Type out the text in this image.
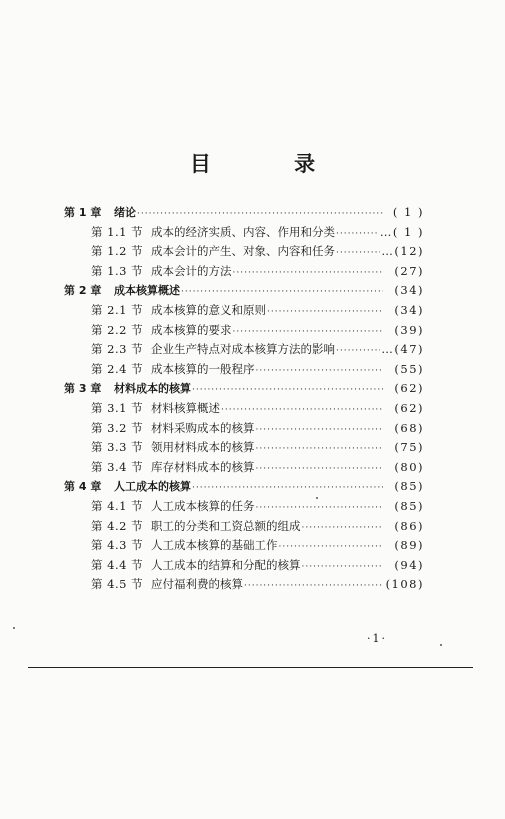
目 录
第 1 章	绪论 ·····	( 1 )
第 1.1 节 成本的经济实质、内容、作用和分类 ·····	…( 1 )
第 1.2 节 成本会计的产生、对象、内容和任务 ·····	…(12)
第 1.3 节 成本会计的方法 ·····	(27)
第 2 章	成本核算概述 ·····	(34)
第 2.1 节 成本核算的意义和原则 ·····	(34)
第 2.2 节 成本核算的要求 ·····	(39)
第 2.3 节 企业生产特点对成本核算方法的影响 ·····	…(47)
第 2.4 节 成本核算的一般程序 ·····	(55)
第 3 章	材料成本的核算 ·····	(62)
第 3.1 节 材料核算概述 ·····	(62)
第 3.2 节 材料采购成本的核算 ·····	(68)
第 3.3 节 领用材料成本的核算 ·····	(75)
第 3.4 节 库存材料成本的核算 ·····	(80)
第 4 章	人工成本的核算 ·····	(85)
第 4.1 节 人工成本核算的任务 ·····	(85)
第 4.2 节 职工的分类和工资总额的组成 ·····	(86)
第 4.3 节 人工成本核算的基础工作 ·····	(89)
第 4.4 节 人工成本的结算和分配的核算 ·····	(94)
第 4.5 节 应付福利费的核算 ·····	(108)
·1·
